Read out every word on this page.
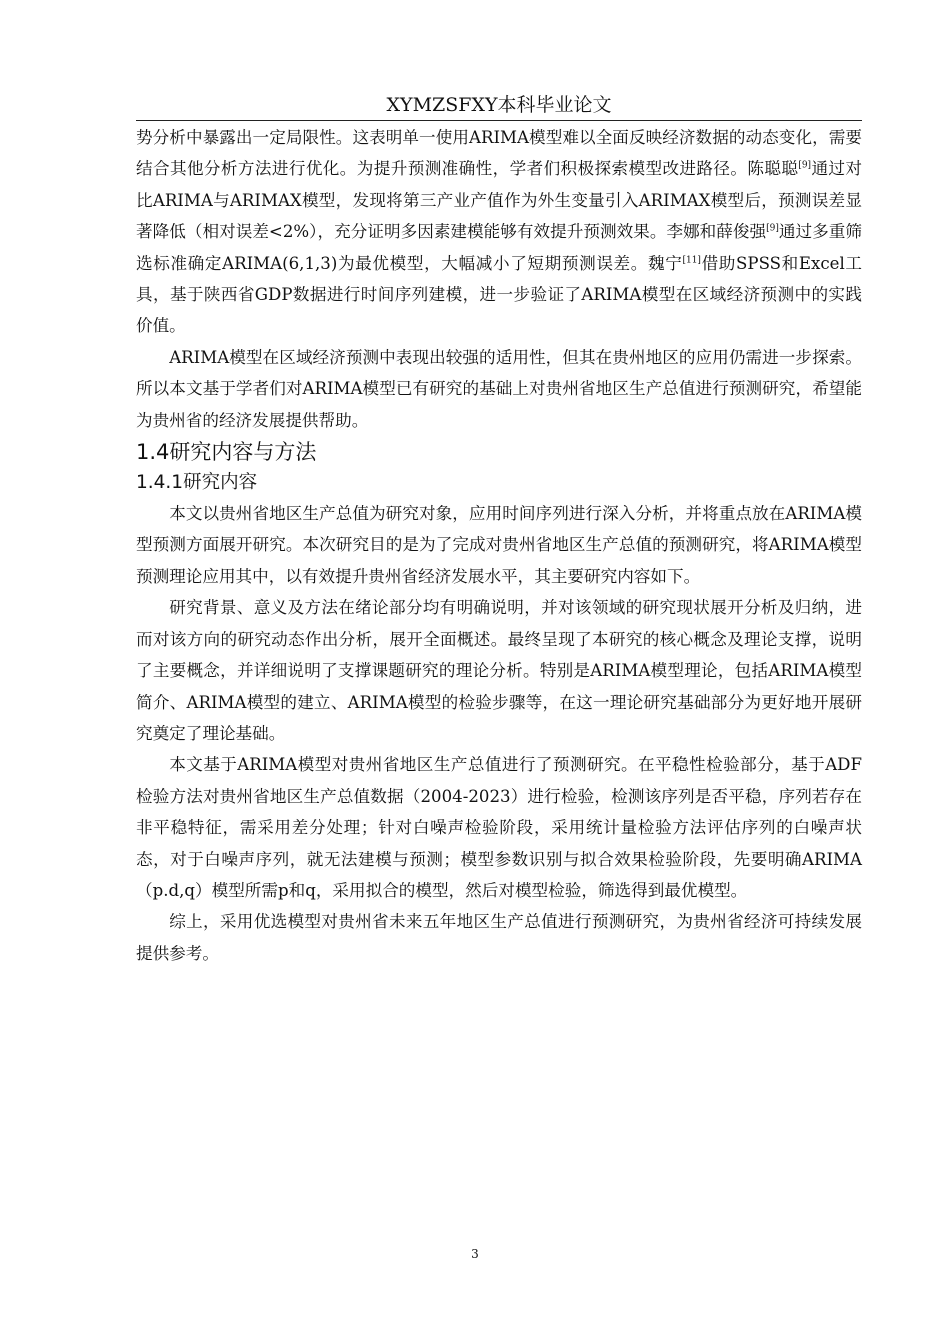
XYMZSFXY本科毕业论文

势分析中暴露出一定局限性。这表明单一使用ARIMA模型难以全面反映经济数据的动态变化，需要结合其他分析方法进行优化。为提升预测准确性，学者们积极探索模型改进路径。陈聪聪[9]通过对比ARIMA与ARIMAX模型，发现将第三产业产值作为外生变量引入ARIMAX模型后，预测误差显著降低（相对误差<2%），充分证明多因素建模能够有效提升预测效果。李娜和薛俊强[9]通过多重筛选标准确定ARIMA(6,1,3)为最优模型，大幅减小了短期预测误差。魏宁[11]借助SPSS和Excel工具，基于陕西省GDP数据进行时间序列建模，进一步验证了ARIMA模型在区域经济预测中的实践价值。

ARIMA模型在区域经济预测中表现出较强的适用性，但其在贵州地区的应用仍需进一步探索。所以本文基于学者们对ARIMA模型已有研究的基础上对贵州省地区生产总值进行预测研究，希望能为贵州省的经济发展提供帮助。

1.4研究内容与方法
1.4.1研究内容

本文以贵州省地区生产总值为研究对象，应用时间序列进行深入分析，并将重点放在ARIMA模型预测方面展开研究。本次研究目的是为了完成对贵州省地区生产总值的预测研究，将ARIMA模型预测理论应用其中，以有效提升贵州省经济发展水平，其主要研究内容如下。

研究背景、意义及方法在绪论部分均有明确说明，并对该领域的研究现状展开分析及归纳，进而对该方向的研究动态作出分析，展开全面概述。最终呈现了本研究的核心概念及理论支撑，说明了主要概念，并详细说明了支撑课题研究的理论分析。特别是ARIMA模型理论，包括ARIMA模型简介、ARIMA模型的建立、ARIMA模型的检验步骤等，在这一理论研究基础部分为更好地开展研究奠定了理论基础。

本文基于ARIMA模型对贵州省地区生产总值进行了预测研究。在平稳性检验部分，基于ADF检验方法对贵州省地区生产总值数据（2004-2023）进行检验，检测该序列是否平稳，序列若存在非平稳特征，需采用差分处理；针对白噪声检验阶段，采用统计量检验方法评估序列的白噪声状态，对于白噪声序列，就无法建模与预测；模型参数识别与拟合效果检验阶段，先要明确ARIMA（p.d,q）模型所需p和q，采用拟合的模型，然后对模型检验，筛选得到最优模型。

综上，采用优选模型对贵州省未来五年地区生产总值进行预测研究，为贵州省经济可持续发展提供参考。

3
